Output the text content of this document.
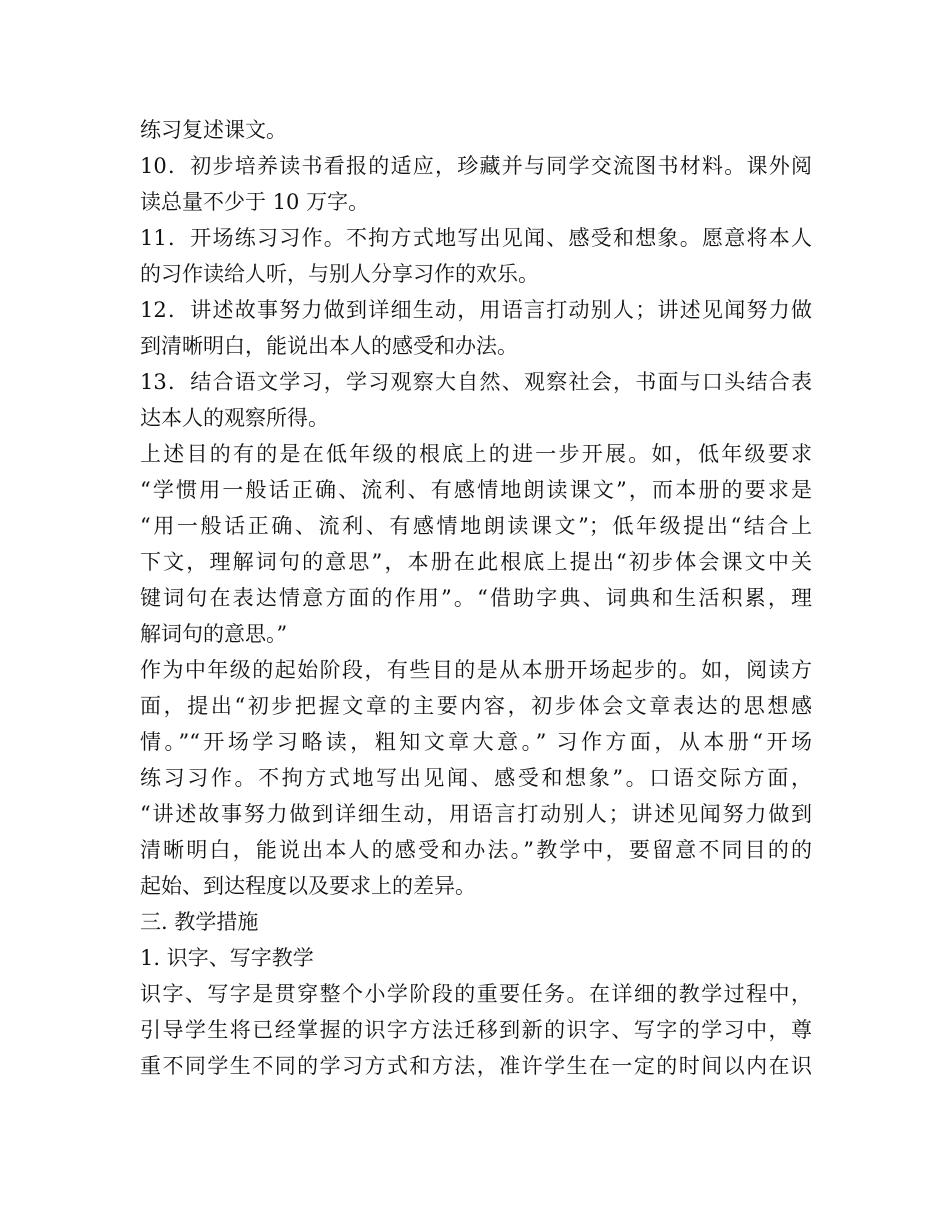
练习复述课文。
10．初步培养读书看报的适应，珍藏并与同学交流图书材料。课外阅
读总量不少于 10 万字。
11．开场练习习作。不拘方式地写出见闻、感受和想象。愿意将本人
的习作读给人听，与别人分享习作的欢乐。
12．讲述故事努力做到详细生动，用语言打动别人；讲述见闻努力做
到清晰明白，能说出本人的感受和办法。
13．结合语文学习，学习观察大自然、观察社会，书面与口头结合表
达本人的观察所得。
上述目的有的是在低年级的根底上的进一步开展。如，低年级要求
“学惯用一般话正确、流利、有感情地朗读课文”，而本册的要求是
“用一般话正确、流利、有感情地朗读课文”；低年级提出“结合上
下文，理解词句的意思”，本册在此根底上提出“初步体会课文中关
键词句在表达情意方面的作用”。“借助字典、词典和生活积累，理
解词句的意思。”
作为中年级的起始阶段，有些目的是从本册开场起步的。如，阅读方
面，提出“初步把握文章的主要内容，初步体会文章表达的思想感
情。”“开场学习略读，粗知文章大意。” 习作方面，从本册“开场
练习习作。不拘方式地写出见闻、感受和想象”。口语交际方面，
“讲述故事努力做到详细生动，用语言打动别人；讲述见闻努力做到
清晰明白，能说出本人的感受和办法。”教学中，要留意不同目的的
起始、到达程度以及要求上的差异。
三. 教学措施
1. 识字、写字教学
识字、写字是贯穿整个小学阶段的重要任务。在详细的教学过程中，
引导学生将已经掌握的识字方法迁移到新的识字、写字的学习中，尊
重不同学生不同的学习方式和方法，准许学生在一定的时间以内在识
